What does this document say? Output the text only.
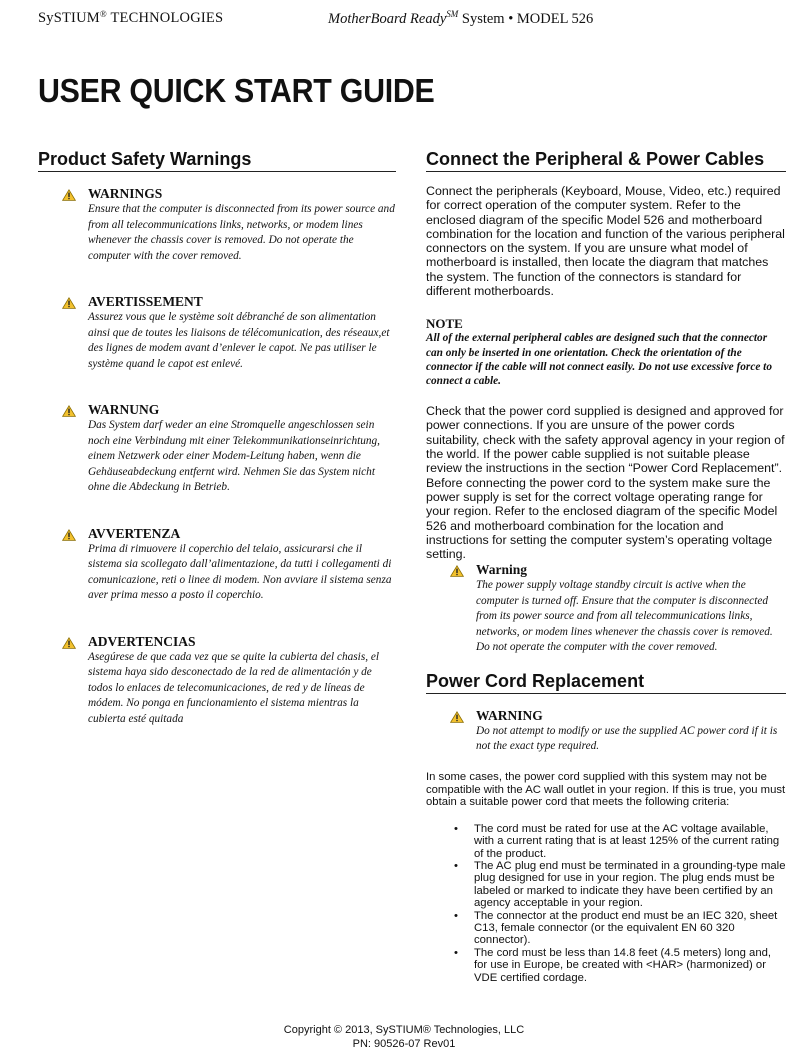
SySTIUM® TECHNOLOGIES	MotherBoard Ready℠ System • MODEL 526
USER QUICK START GUIDE
Product Safety Warnings
WARNINGS
Ensure that the computer is disconnected from its power source and from all telecommunications links, networks, or modem lines whenever the chassis cover is removed. Do not operate the computer with the cover removed.
AVERTISSEMENT
Assurez vous que le système soit débranché de son alimentation ainsi que de toutes les liaisons de télécomunication, des réseaux,et des lignes de modem avant d’enlever le capot. Ne pas utiliser le système quand le capot est enlevé.
WARNUNG
Das System darf weder an eine Stromquelle angeschlossen sein noch eine Verbindung mit einer Telekommunikationseinrichtung, einem Netzwerk oder einer Modem-Leitung haben, wenn die Gehäuseabdeckung entfernt wird. Nehmen Sie das System nicht ohne die Abdeckung in Betrieb.
AVVERTENZA
Prima di rimuovere il coperchio del telaio, assicurarsi che il sistema sia scollegato dall’alimentazione, da tutti i collegamenti di comunicazione, reti o linee di modem. Non avviare il sistema senza aver prima messo a posto il coperchio.
ADVERTENCIAS
Asegúrese de que cada vez que se quite la cubierta del chasis, el sistema haya sido desconectado de la red de alimentación y de todos lo enlaces de telecomunicaciones, de red y de líneas de módem. No ponga en funcionamiento el sistema mientras la cubierta esté quitada
Connect the Peripheral & Power Cables

Connect the peripherals (Keyboard, Mouse, Video, etc.) required for correct operation of the computer system. Refer to the enclosed diagram of the specific Model 526 and motherboard combination for the location and function of the various peripheral connectors on the system. If you are unsure what model of motherboard is installed, then locate the diagram that matches the system. The function of the connectors is standard for different motherboards.

NOTE
All of the external peripheral cables are designed such that the connector can only be inserted in one orientation. Check the orientation of the connector if the cable will not connect easily. Do not use excessive force to connect a cable.

Check that the power cord supplied is designed and approved for power connections. If you are unsure of the power cords suitability, check with the safety approval agency in your region of the world. If the power cable supplied is not suitable please review the instructions in the section “Power Cord Replacement”. Before connecting the power cord to the system make sure the power supply is set for the correct voltage operating range for your region. Refer to the enclosed diagram of the specific Model 526 and motherboard combination for the location and instructions for setting the computer system’s operating voltage setting.

Warning
The power supply voltage standby circuit is active when the computer is turned off. Ensure that the computer is disconnected from its power source and from all telecommunications links, networks, or modem lines whenever the chassis cover is removed. Do not operate the computer with the cover removed.
Power Cord Replacement
WARNING
Do not attempt to modify or use the supplied AC power cord if it is not the exact type required.

In some cases, the power cord supplied with this system may not be compatible with the AC wall outlet in your region. If this is true, you must obtain a suitable power cord that meets the following criteria:

• The cord must be rated for use at the AC voltage available, with a current rating that is at least 125% of the current rating of the product.
• The AC plug end must be terminated in a grounding-type male plug designed for use in your region. The plug ends must be labeled or marked to indicate they have been certified by an agency acceptable in your region.
• The connector at the product end must be an IEC 320, sheet C13, female connector (or the equivalent EN 60 320 connector).
• The cord must be less than 14.8 feet (4.5 meters) long and, for use in Europe, be created with <HAR> (harmonized) or VDE certified cordage.
Copyright © 2013, SySTIUM® Technologies, LLC
PN: 90526-07 Rev01
